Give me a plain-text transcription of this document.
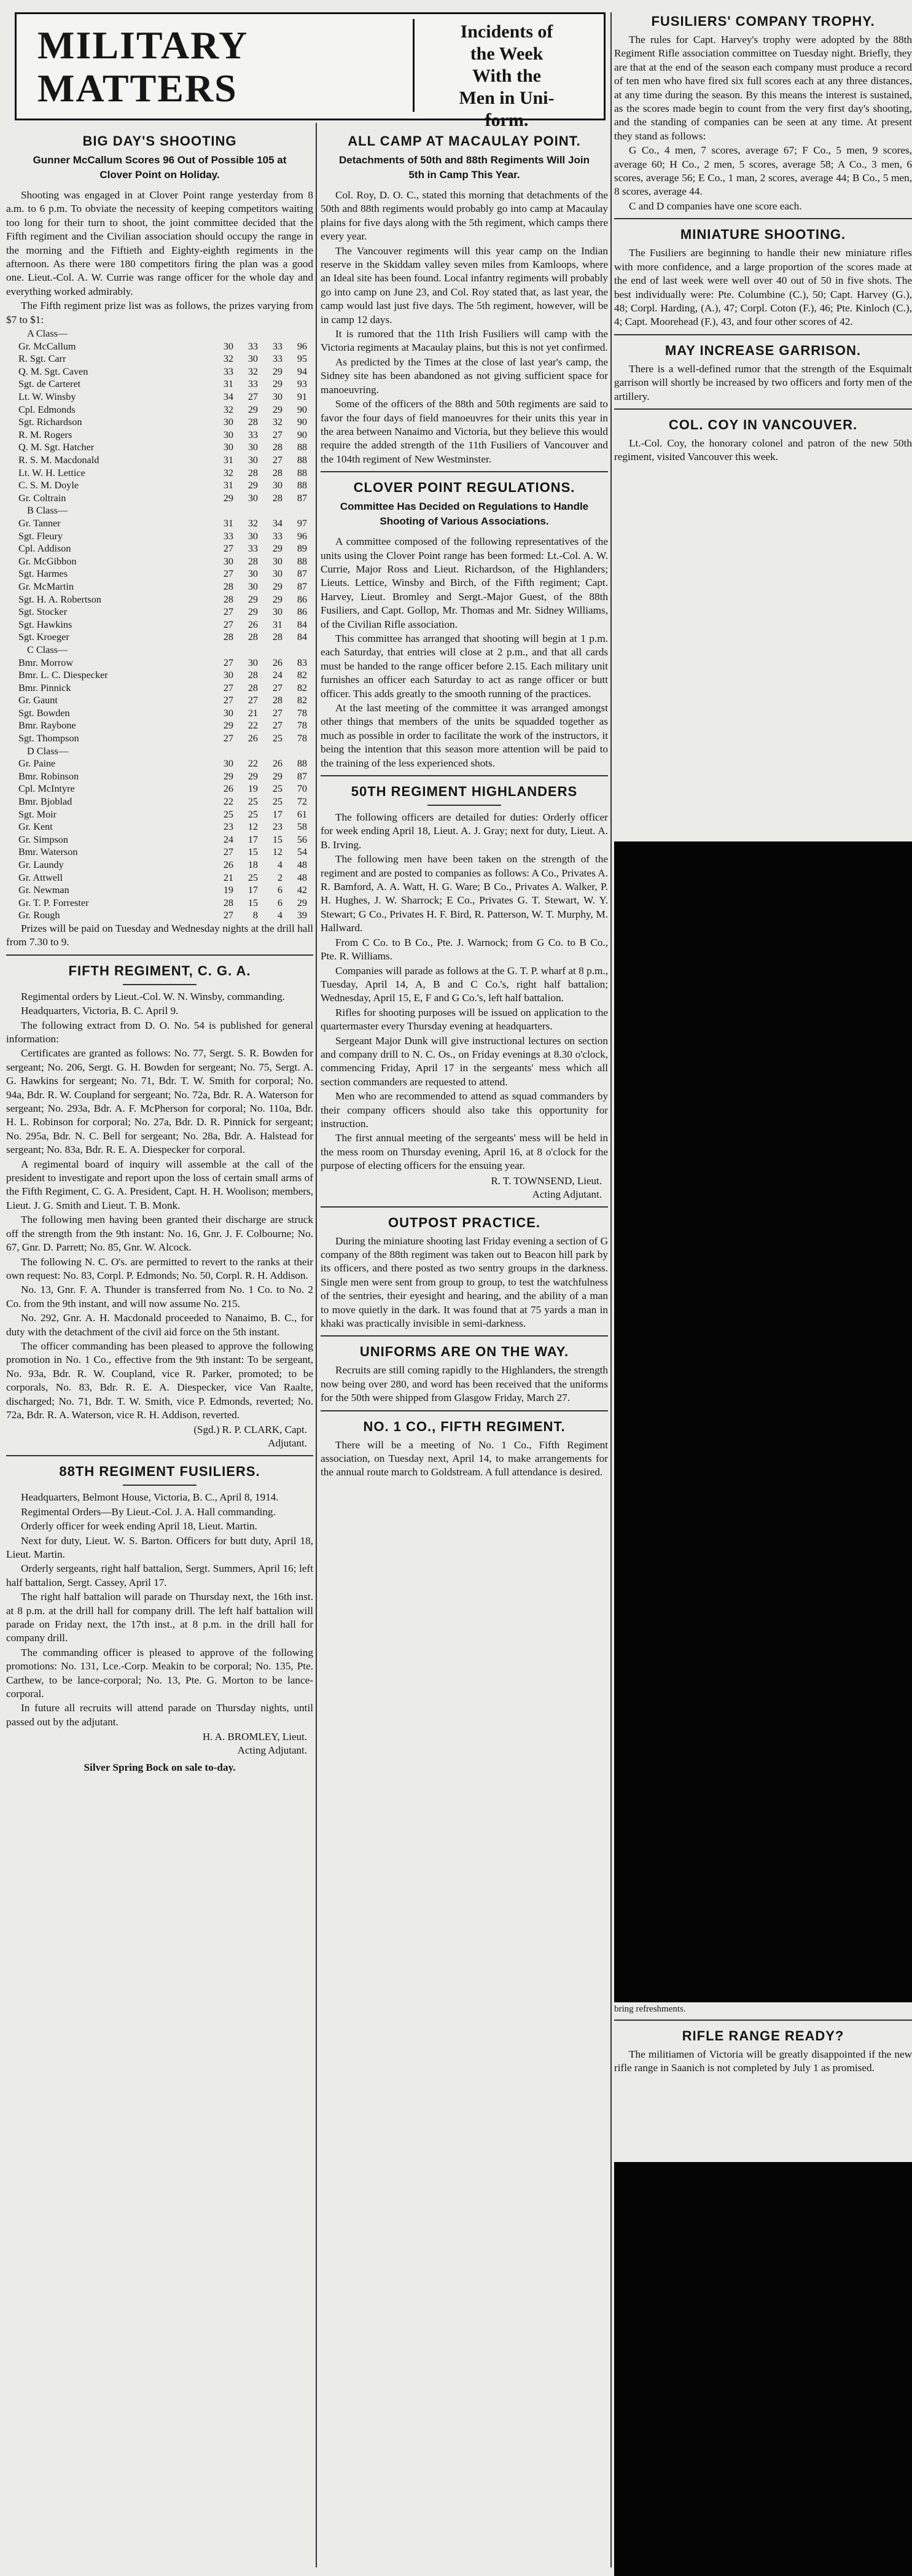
MILITARY
MATTERS
Incidents of
the Week
With the
Men in Uni-
form.
BIG DAY'S SHOOTING
Gunner McCallum Scores 96 Out of Possible 105 at Clover Point on Holiday.

Shooting was engaged in at Clover Point range yesterday from 8 a.m. to 6 p.m. To obviate the necessity of keeping competitors waiting too long for their turn to shoot, the joint committee decided that the Fifth regiment and the Civilian association should occupy the range in the morning and the Fiftieth and Eighty-eighth regiments in the afternoon. As there were 180 competitors firing the plan was a good one. Lieut.-Col. A. W. Currie was range officer for the whole day and everything worked admirably.

The Fifth regiment prize list was as follows, the prizes varying from $7 to $1:

A Class—				
Gr. McCallum	30	33	33	96
R. Sgt. Carr	32	30	33	95
Q. M. Sgt. Caven	33	32	29	94
Sgt. de Carteret	31	33	29	93
Lt. W. Winsby	34	27	30	91
Cpl. Edmonds	32	29	29	90
Sgt. Richardson	30	28	32	90
R. M. Rogers	30	33	27	90
Q. M. Sgt. Hatcher	30	30	28	88
R. S. M. Macdonald	31	30	27	88
Lt. W. H. Lettice	32	28	28	88
C. S. M. Doyle	31	29	30	88
Gr. Coltrain	29	30	28	87
B Class—				
Gr. Tanner	31	32	34	97
Sgt. Fleury	33	30	33	96
Cpl. Addison	27	33	29	89
Gr. McGibbon	30	28	30	88
Sgt. Harmes	27	30	30	87
Gr. McMartin	28	30	29	87
Sgt. H. A. Robertson	28	29	29	86
Sgt. Stocker	27	29	30	86
Sgt. Hawkins	27	26	31	84
Sgt. Kroeger	28	28	28	84
C Class—				
Bmr. Morrow	27	30	26	83
Bmr. L. C. Diespecker	30	28	24	82
Bmr. Pinnick	27	28	27	82
Gr. Gaunt	27	27	28	82
Sgt. Bowden	30	21	27	78
Bmr. Raybone	29	22	27	78
Sgt. Thompson	27	26	25	78
D Class—				
Gr. Paine	30	22	26	88
Bmr. Robinson	29	29	29	87
Cpl. McIntyre	26	19	25	70
Bmr. Bjoblad	22	25	25	72
Sgt. Moir	25	25	17	61
Gr. Kent	23	12	23	58
Gr. Simpson	24	17	15	56
Bmr. Waterson	27	15	12	54
Gr. Laundy	26	18	4	48
Gr. Attwell	21	25	2	48
Gr. Newman	19	17	6	42
Gr. T. P. Forrester	28	15	6	29
Gr. Rough	27	8	4	39

Prizes will be paid on Tuesday and Wednesday nights at the drill hall from 7.30 to 9.

FIFTH REGIMENT, C. G. A.

Regimental orders by Lieut.-Col. W. N. Winsby, commanding.

Headquarters, Victoria, B. C. April 9.

The following extract from D. O. No. 54 is published for general information:

Certificates are granted as follows: No. 77, Sergt. S. R. Bowden for sergeant; No. 206, Sergt. G. H. Bowden for sergeant; No. 75, Sergt. A. G. Hawkins for sergeant; No. 71, Bdr. T. W. Smith for corporal; No. 94a, Bdr. R. W. Coupland for sergeant; No. 72a, Bdr. R. A. Waterson for sergeant; No. 293a, Bdr. A. F. McPherson for corporal; No. 110a, Bdr. H. L. Robinson for corporal; No. 27a, Bdr. D. R. Pinnick for sergeant; No. 295a, Bdr. N. C. Bell for sergeant; No. 28a, Bdr. A. Halstead for sergeant; No. 83a, Bdr. R. E. A. Diespecker for corporal.

A regimental board of inquiry will assemble at the call of the president to investigate and report upon the loss of certain small arms of the Fifth Regiment, C. G. A. President, Capt. H. H. Woolison; members, Lieut. J. G. Smith and Lieut. T. B. Monk.

The following men having been granted their discharge are struck off the strength from the 9th instant: No. 16, Gnr. J. F. Colbourne; No. 67, Gnr. D. Parrett; No. 85, Gnr. W. Alcock.

The following N. C. O's. are permitted to revert to the ranks at their own request: No. 83, Corpl. P. Edmonds; No. 50, Corpl. R. H. Addison.

No. 13, Gnr. F. A. Thunder is transferred from No. 1 Co. to No. 2 Co. from the 9th instant, and will now assume No. 215.

No. 292, Gnr. A. H. Macdonald proceeded to Nanaimo, B. C., for duty with the detachment of the civil aid force on the 5th instant.

The officer commanding has been pleased to approve the following promotion in No. 1 Co., effective from the 9th instant: To be sergeant, No. 93a, Bdr. R. W. Coupland, vice R. Parker, promoted; to be corporals, No. 83, Bdr. R. E. A. Diespecker, vice Van Raalte, discharged; No. 71, Bdr. T. W. Smith, vice P. Edmonds, reverted; No. 72a, Bdr. R. A. Waterson, vice R. H. Addison, reverted.

(Sgd.) R. P. CLARK, Capt.
Adjutant.
88TH REGIMENT FUSILIERS.

Headquarters, Belmont House, Victoria, B. C., April 8, 1914.

Regimental Orders—By Lieut.-Col. J. A. Hall commanding.

Orderly officer for week ending April 18, Lieut. Martin.

Next for duty, Lieut. W. S. Barton. Officers for butt duty, April 18, Lieut. Martin.

Orderly sergeants, right half battalion, Sergt. Summers, April 16; left half battalion, Sergt. Cassey, April 17.

The right half battalion will parade on Thursday next, the 16th inst. at 8 p.m. at the drill hall for company drill. The left half battalion will parade on Friday next, the 17th inst., at 8 p.m. in the drill hall for company drill.

The commanding officer is pleased to approve of the following promotions: No. 131, Lce.-Corp. Meakin to be corporal; No. 135, Pte. Carthew, to be lance-corporal; No. 13, Pte. G. Morton to be lance-corporal.

In future all recruits will attend parade on Thursday nights, until passed out by the adjutant.

H. A. BROMLEY, Lieut.
Acting Adjutant.

Silver Spring Bock on sale to-day.

ALL CAMP AT MACAULAY POINT.
Detachments of 50th and 88th Regiments Will Join 5th in Camp This Year.

Col. Roy, D. O. C., stated this morning that detachments of the 50th and 88th regiments would probably go into camp at Macaulay plains for five days along with the 5th regiment, which camps there every year.

The Vancouver regiments will this year camp on the Indian reserve in the Skiddam valley seven miles from Kamloops, where an Ideal site has been found. Local infantry regiments will probably go into camp on June 23, and Col. Roy stated that, as last year, the camp would last just five days. The 5th regiment, however, will be in camp 12 days.

It is rumored that the 11th Irish Fusiliers will camp with the Victoria regiments at Macaulay plains, but this is not yet confirmed.

As predicted by the Times at the close of last year's camp, the Sidney site has been abandoned as not giving sufficient space for manoeuvring.

Some of the officers of the 88th and 50th regiments are said to favor the four days of field manoeuvres for their units this year in the area between Nanaimo and Victoria, but they believe this would require the added strength of the 11th Fusiliers of Vancouver and the 104th regiment of New Westminster.

CLOVER POINT REGULATIONS.
Committee Has Decided on Regulations to Handle Shooting of Various Associations.

A committee composed of the following representatives of the units using the Clover Point range has been formed: Lt.-Col. A. W. Currie, Major Ross and Lieut. Richardson, of the Highlanders; Lieuts. Lettice, Winsby and Birch, of the Fifth regiment; Capt. Harvey, Lieut. Bromley and Sergt.-Major Guest, of the 88th Fusiliers, and Capt. Gollop, Mr. Thomas and Mr. Sidney Williams, of the Civilian Rifle association.

This committee has arranged that shooting will begin at 1 p.m. each Saturday, that entries will close at 2 p.m., and that all cards must be handed to the range officer before 2.15. Each military unit furnishes an officer each Saturday to act as range officer or butt officer. This adds greatly to the smooth running of the practices.

At the last meeting of the committee it was arranged amongst other things that members of the units be squadded together as much as possible in order to facilitate the work of the instructors, it being the intention that this season more attention will be paid to the training of the less experienced shots.

50TH REGIMENT HIGHLANDERS

The following officers are detailed for duties: Orderly officer for week ending April 18, Lieut. A. J. Gray; next for duty, Lieut. A. B. Irving.

The following men have been taken on the strength of the regiment and are posted to companies as follows: A Co., Privates A. R. Bamford, A. A. Watt, H. G. Ware; B Co., Privates A. Walker, P. H. Hughes, J. W. Sharrock; E Co., Privates G. T. Stewart, W. Y. Stewart; G Co., Privates H. F. Bird, R. Patterson, W. T. Murphy, M. Hallward.

From C Co. to B Co., Pte. J. Warnock; from G Co. to B Co., Pte. R. Williams.

Companies will parade as follows at the G. T. P. wharf at 8 p.m., Tuesday, April 14, A, B and C Co.'s, right half battalion; Wednesday, April 15, E, F and G Co.'s, left half battalion.

Rifles for shooting purposes will be issued on application to the quartermaster every Thursday evening at headquarters.

Sergeant Major Dunk will give instructional lectures on section and company drill to N. C. Os., on Friday evenings at 8.30 o'clock, commencing Friday, April 17 in the sergeants' mess which all section commanders are requested to attend.

Men who are recommended to attend as squad commanders by their company officers should also take this opportunity for instruction.

The first annual meeting of the sergeants' mess will be held in the mess room on Thursday evening, April 16, at 8 o'clock for the purpose of electing officers for the ensuing year.

R. T. TOWNSEND, Lieut.
Acting Adjutant.
OUTPOST PRACTICE.

During the miniature shooting last Friday evening a section of G company of the 88th regiment was taken out to Beacon hill park by its officers, and there posted as two sentry groups in the darkness. Single men were sent from group to group, to test the watchfulness of the sentries, their eyesight and hearing, and the ability of a man to move quietly in the dark. It was found that at 75 yards a man in khaki was practically invisible in semi-darkness.

UNIFORMS ARE ON THE WAY.

Recruits are still coming rapidly to the Highlanders, the strength now being over 280, and word has been received that the uniforms for the 50th were shipped from Glasgow Friday, March 27.

NO. 1 CO., FIFTH REGIMENT.

There will be a meeting of No. 1 Co., Fifth Regiment association, on Tuesday next, April 14, to make arrangements for the annual route march to Goldstream. A full attendance is desired.

FUSILIERS' COMPANY TROPHY.

The rules for Capt. Harvey's trophy were adopted by the 88th Regiment Rifle association committee on Tuesday night. Briefly, they are that at the end of the season each company must produce a record of ten men who have fired six full scores each at any three distances, at any time during the season. By this means the interest is sustained, as the scores made begin to count from the very first day's shooting, and the standing of companies can be seen at any time. At present they stand as follows:

G Co., 4 men, 7 scores, average 67; F Co., 5 men, 9 scores, average 60; H Co., 2 men, 5 scores, average 58; A Co., 3 men, 6 scores, average 56; E Co., 1 man, 2 scores, average 44; B Co., 5 men, 8 scores, average 44.

C and D companies have one score each.

MINIATURE SHOOTING.

The Fusiliers are beginning to handle their new miniature rifles with more confidence, and a large proportion of the scores made at the end of last week were well over 40 out of 50 in five shots. The best individually were: Pte. Columbine (C.), 50; Capt. Harvey (G.), 48; Corpl. Harding, (A.), 47; Corpl. Coton (F.), 46; Pte. Kinloch (C.), 4; Capt. Moorehead (F.), 43, and four other scores of 42.

MAY INCREASE GARRISON.

There is a well-defined rumor that the strength of the Esquimalt garrison will shortly be increased by two officers and forty men of the artillery.

COL. COY IN VANCOUVER.

Lt.-Col. Coy, the honorary colonel and patron of the new 50th regiment, visited Vancouver this week.

bring refreshments.

RIFLE RANGE READY?

The militiamen of Victoria will be greatly disappointed if the new rifle range in Saanich is not completed by July 1 as promised.
